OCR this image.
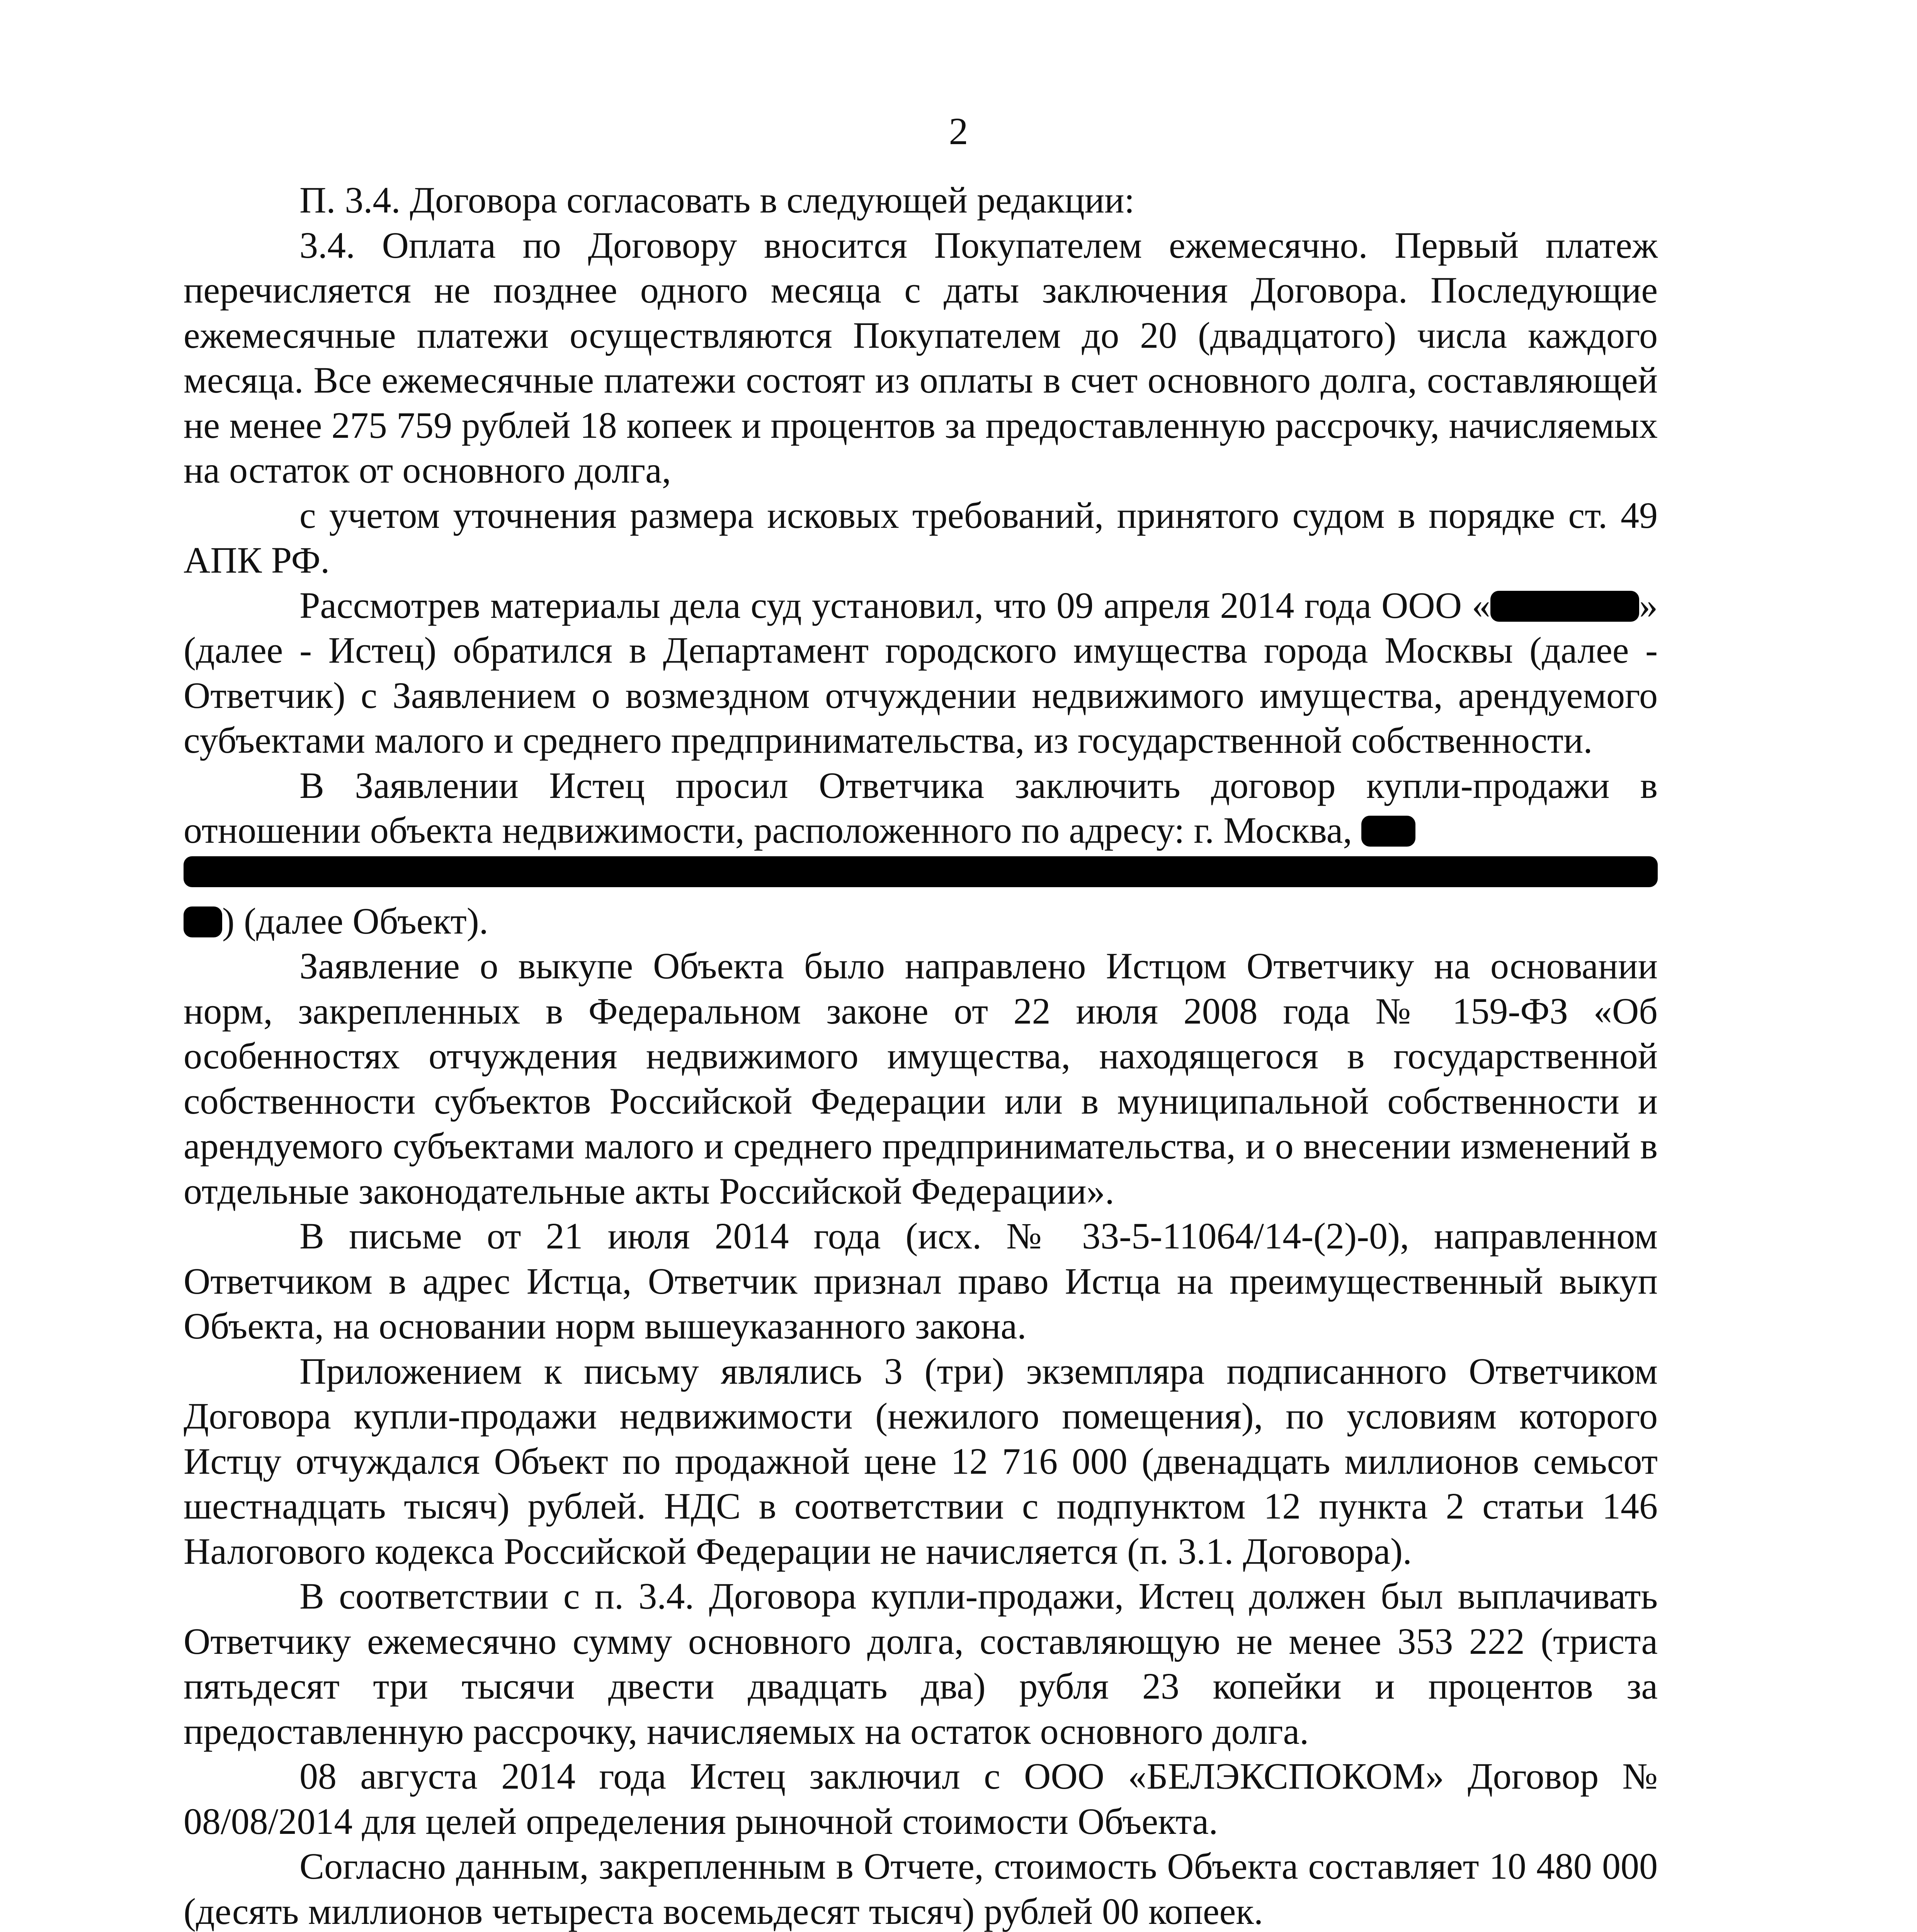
2

П. 3.4. Договора согласовать в следующей редакции:

3.4. Оплата по Договору вносится Покупателем ежемесячно. Первый платеж перечисляется не позднее одного месяца с даты заключения Договора. Последующие ежемесячные платежи осуществляются Покупателем до 20 (двадцатого) числа каждого месяца. Все ежемесячные платежи состоят из оплаты в счет основного долга, составляющей не менее 275 759 рублей 18 копеек и процентов за предоставленную рассрочку, начисляемых на остаток от основного долга,

с учетом уточнения размера исковых требований, принятого судом в порядке ст. 49 АПК РФ.

Рассмотрев материалы дела суд установил, что 09 апреля 2014 года ООО «	» (далее - Истец) обратился в Департамент городского имущества города Москвы (далее - Ответчик) с Заявлением о возмездном отчуждении недвижимого имущества, арендуемого субъектами малого и среднего предпринимательства, из государственной собственности.

В Заявлении Истец просил Ответчика заключить договор купли-продажи в отношении объекта недвижимости, расположенного по адресу: г. Москва,

) (далее Объект).

Заявление о выкупе Объекта было направлено Истцом Ответчику на основании норм, закрепленных в Федеральном законе от 22 июля 2008 года № 159-ФЗ «Об особенностях отчуждения недвижимого имущества, находящегося в государственной собственности субъектов Российской Федерации или в муниципальной собственности и арендуемого субъектами малого и среднего предпринимательства, и о внесении изменений в отдельные законодательные акты Российской Федерации».

В письме от 21 июля 2014 года (исх. № 33-5-11064/14-(2)-0), направленном Ответчиком в адрес Истца, Ответчик признал право Истца на преимущественный выкуп Объекта, на основании норм вышеуказанного закона.

Приложением к письму являлись 3 (три) экземпляра подписанного Ответчиком Договора купли-продажи недвижимости (нежилого помещения), по условиям которого Истцу отчуждался Объект по продажной цене 12 716 000 (двенадцать миллионов семьсот шестнадцать тысяч) рублей. НДС в соответствии с подпунктом 12 пункта 2 статьи 146 Налогового кодекса Российской Федерации не начисляется (п. 3.1. Договора).

В соответствии с п. 3.4. Договора купли-продажи, Истец должен был выплачивать Ответчику ежемесячно сумму основного долга, составляющую не менее 353 222 (триста пятьдесят три тысячи двести двадцать два) рубля 23 копейки и процентов за предоставленную рассрочку, начисляемых на остаток основного долга.

08 августа 2014 года Истец заключил с ООО «БЕЛЭКСПОКОМ» Договор № 08/08/2014 для целей определения рыночной стоимости Объекта.

Согласно данным, закрепленным в Отчете, стоимость Объекта составляет 10 480 000 (десять миллионов четыреста восемьдесят тысяч) рублей 00 копеек.
